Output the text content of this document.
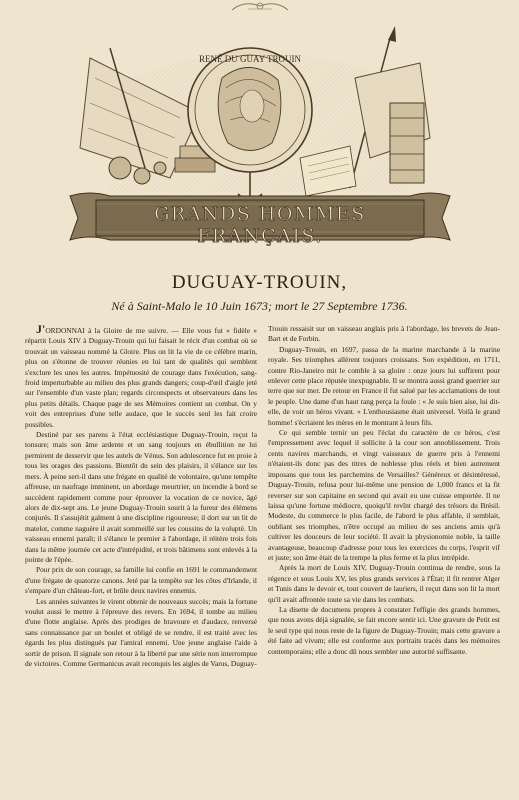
RENÉ DU GUAY TROUIN
GRANDS HOMMES FRANÇAIS.
DUGUAY-TROUIN,

Né à Saint-Malo le 10 Juin 1673; mort le 27 Septembre 1736.

J'ORDONNAI à la Gloire de me suivre. — Elle vous fut « fidèle » répartit Louis XIV à Duguay-Trouin qui lui faisait le récit d'un combat où se trouvait un vaisseau nommé la Gloire. Plus on lit la vie de ce célèbre marin, plus on s'étonne de trouver réunies en lui tant de qualités qui semblent s'exclure les unes les autres. Impétuosité de courage dans l'exécution, sang-froid imperturbable au milieu des plus grands dangers; coup-d'œil d'aigle jeté sur l'ensemble d'un vaste plan; regards circonspects et observateurs dans les plus petits détails. Chaque page de ses Mémoires contient un combat. On y voit des entreprises d'une telle audace, que le succès seul les fait croire possibles.

Destiné par ses parens à l'état ecclésiastique Duguay-Trouin, reçut la tonsure; mais son âme ardente et un sang toujours en ébullition ne lui permirent de desservir que les autels de Vénus. Son adolescence fut en proie à tous les orages des passions. Bientôt du sein des plaisirs, il s'élance sur les mers. À peine sert-il dans une frégate en qualité de volontaire, qu'une tempête affreuse, un naufrage imminent, un abordage meurtrier, un incendie à bord se succèdent rapidement comme pour éprouver la vocation de ce novice, âgé alors de dix-sept ans. Le jeune Duguay-Trouin sourit à la fureur des élémens conjurés. Il s'assujétit galment à une discipline rigoureuse; il dort sur un lit de matelot, comme naguère il avait sommeillé sur les coussins de la volupté. Un vaisseau ennemi paraît; il s'élance le premier à l'abordage, il réitère trois fois dans la même journée cet acte d'intrépidité, et trois bâtimens sont enlevés à la pointe de l'épée.

Pour prix de son courage, sa famille lui confie en 1691 le commandement d'une frégate de quatorze canons. Jeté par la tempête sur les côtes d'Irlande, il s'empare d'un château-fort, et brûle deux navires ennemis.

Les années suivantes le virent obtenir de nouveaux succès; mais la fortune voulut aussi le mettre à l'épreuve des revers. En 1694, il tombe au milieu d'une flotte anglaise. Après des prodiges de bravoure et d'audace, renversé sans connaissance par un boulet et obligé de se rendre, il est traité avec les égards les plus distingués par l'amiral ennemi. Une jeune anglaise l'aide à sortir de prison. Il signale son retour à la liberté par une série non interrompue de victoires. Comme Germanicus avait reconquis les aigles de Varus, Duguay-

Trouin ressaisit sur un vaisseau anglais pris à l'abordage, les brevets de Jean-Bart et de Forbin.

Duguay-Trouin, en 1697, passa de la marine marchande à la marine royale. Ses triomphes allèrent toujours croissans. Son expédition, en 1711, contre Rio-Janeiro mit le comble à sa gloire : onze jours lui suffirent pour enlever cette place réputée inexpugnable. Il se montra aussi grand guerrier sur terre que sur mer. De retour en France il fut salué par les acclamations de tout le peuple. Une dame d'un haut rang perça la foule : « Je suis bien aise, lui dit-elle, de voir un héros vivant. » L'enthousiasme était universel. Voilà le grand homme! s'écriaient les mères en le montrant à leurs fils.

Ce qui semble ternir un peu l'éclat du caractère de ce héros, c'est l'empressement avec lequel il sollicite à la cour son annoblissement. Trois cents navires marchands, et vingt vaisseaux de guerre pris à l'ennemi n'étaient-ils donc pas des titres de noblesse plus réels et bien autrement imposans que tous les parchemins de Versailles? Généreux et désintéressé, Duguay-Trouin, refusa pour lui-même une pension de 1,000 francs et la fit reverser sur son capitaine en second qui avait eu une cuisse emportée. Il ne laissa qu'une fortune médiocre, quoiqu'il revînt chargé des trésors du Brésil. Modeste, du commerce le plus facile, de l'abord le plus affable, il semblait, oubliant ses triomphes, n'être occupé au milieu de ses anciens amis qu'à cultiver les douceurs de leur société. Il avait la physionomie noble, la taille avantageuse, beaucoup d'adresse pour tous les exercices du corps, l'esprit vif et juste; son âme était de la trempe la plus ferme et la plus intrépide.

Après la mort de Louis XIV, Duguay-Trouin continua de rendre, sous la régence et sous Louis XV, les plus grands services à l'État; il fit rentrer Alger et Tunis dans le devoir et, tout couvert de lauriers, il reçut dans son lit la mort qu'il avait affrontée toute sa vie dans les combats.

La disette de documens propres à constater l'effigie des grands hommes, que nous avons déjà signalée, se fait encore sentir ici. Une gravure de Petit est le seul type qui nous reste de la figure de Duguay-Trouin; mais cette gravure a été faite ad vivum; elle est conforme aux portraits tracés dans les mémoires contemporains; elle a donc dû nous sembler une autorité suffisante.
